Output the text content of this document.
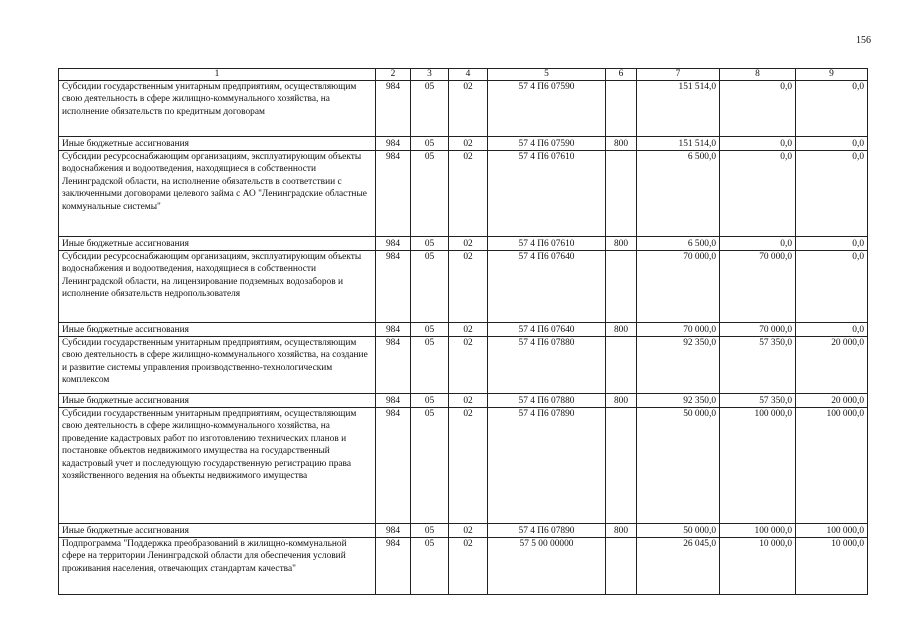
156
1	2	3	4	5	6	7	8	9
Субсидии государственным унитарным предприятиям, осуществляющим свою деятельность в сфере жилищно-коммунального хозяйства, на исполнение обязательств по кредитным договорам	984	05	02	57 4 П6 07590		151 514,0	0,0	0,0
Иные бюджетные ассигнования	984	05	02	57 4 П6 07590	800	151 514,0	0,0	0,0
Субсидии ресурсоснабжающим организациям, эксплуатирующим объекты водоснабжения и водоотведения, находящиеся в собственности Ленинградской области, на исполнение обязательств в соответствии с заключенными договорами целевого займа с АО "Ленинградские областные коммунальные системы"	984	05	02	57 4 П6 07610		6 500,0	0,0	0,0
Иные бюджетные ассигнования	984	05	02	57 4 П6 07610	800	6 500,0	0,0	0,0
Субсидии ресурсоснабжающим организациям, эксплуатирующим объекты водоснабжения и водоотведения, находящиеся в собственности Ленинградской области, на лицензирование подземных водозаборов и исполнение обязательств недропользователя	984	05	02	57 4 П6 07640		70 000,0	70 000,0	0,0
Иные бюджетные ассигнования	984	05	02	57 4 П6 07640	800	70 000,0	70 000,0	0,0
Субсидии государственным унитарным предприятиям, осуществляющим свою деятельность в сфере жилищно-коммунального хозяйства, на создание и развитие системы управления производственно-технологическим комплексом	984	05	02	57 4 П6 07880		92 350,0	57 350,0	20 000,0
Иные бюджетные ассигнования	984	05	02	57 4 П6 07880	800	92 350,0	57 350,0	20 000,0
Субсидии государственным унитарным предприятиям, осуществляющим свою деятельность в сфере жилищно-коммунального хозяйства, на проведение кадастровых работ по изготовлению технических планов и постановке объектов недвижимого имущества на государственный кадастровый учет и последующую государственную регистрацию права хозяйственного ведения на объекты недвижимого имущества	984	05	02	57 4 П6 07890		50 000,0	100 000,0	100 000,0
Иные бюджетные ассигнования	984	05	02	57 4 П6 07890	800	50 000,0	100 000,0	100 000,0
Подпрограмма "Поддержка преобразований в жилищно-коммунальной сфере на территории Ленинградской области для обеспечения условий проживания населения, отвечающих стандартам качества"	984	05	02	57 5 00 00000		26 045,0	10 000,0	10 000,0
